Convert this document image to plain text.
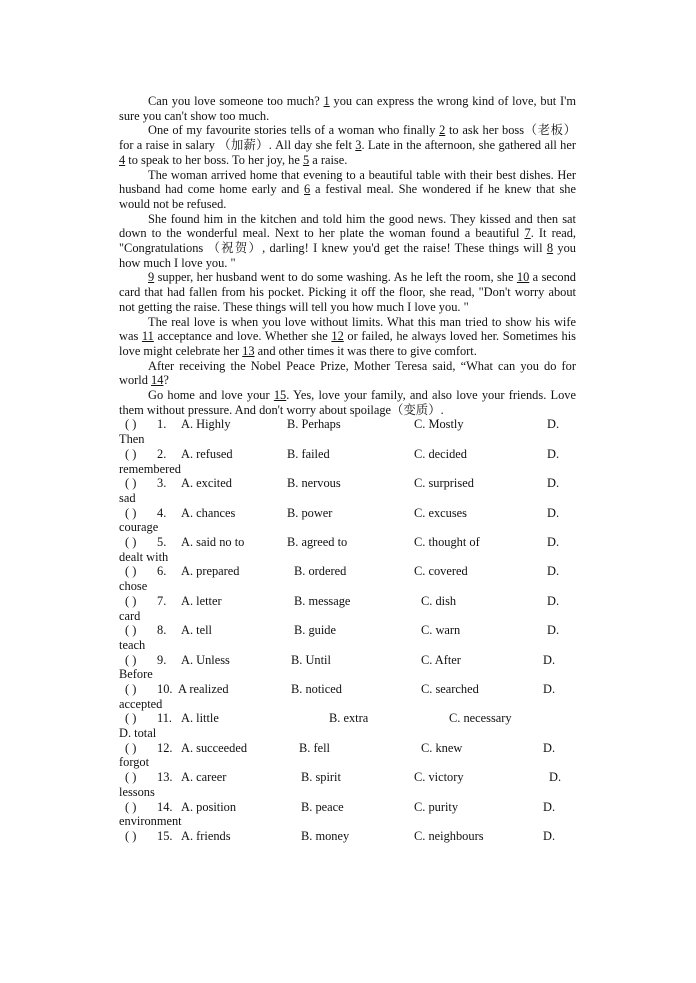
Can you love someone too much? 1 you can express the wrong kind of love, but I'm sure you can't show too much.
One of my favourite stories tells of a woman who finally 2 to ask her boss（老板） for a raise in salary （加薪）. All day she felt 3. Late in the afternoon, she gathered all her 4 to speak to her boss. To her joy, he 5 a raise.
The woman arrived home that evening to a beautiful table with their best dishes. Her husband had come home early and 6 a festival meal. She wondered if he knew that she would not be refused.
She found him in the kitchen and told him the good news. They kissed and then sat down to the wonderful meal. Next to her plate the woman found a beautiful 7. It read, "Congratulations （祝贺）, darling! I knew you'd get the raise! These things will 8 you how much I love you. "
9 supper, her husband went to do some washing. As he left the room, she 10 a second card that had fallen from his pocket. Picking it off the floor, she read, "Don't worry about not getting the raise. These things will tell you how much I love you. "
The real love is when you love without limits. What this man tried to show his wife was 11 acceptance and love. Whether she 12 or failed, he always loved her. Sometimes his love might celebrate her 13 and other times it was there to give comfort.
After receiving the Nobel Peace Prize, Mother Teresa said, “What can you do for world 14?
Go home and love your 15. Yes, love your family, and also love your friends. Love them without pressure. And don't worry about spoilage（变质）.
( ) 1. A. Highly	B. Perhaps	C. Mostly	D.
Then
( ) 2. A. refused	B. failed	C. decided	D.
remembered
( ) 3. A. excited	B. nervous	C. surprised	D.
sad
( ) 4. A. chances	B. power	C. excuses	D.
courage
( ) 5. A. said no to	B. agreed to	C. thought of	D.
dealt with
( ) 6. A. prepared	B. ordered	C. covered	D.
chose
( ) 7. A. letter	B. message	C. dish	D.
card
( ) 8. A. tell	B. guide	C. warn	D.
teach
( ) 9. A. Unless	B. Until	C. After	D.
Before
( ) 10. A realized	B. noticed	C. searched	D.
accepted
( ) 11. A. little	B. extra	C. necessary
D. total
( ) 12. A. succeeded	B. fell	C. knew	D.
forgot
( ) 13. A. career	B. spirit	C. victory	D.
lessons
( ) 14. A. position	B. peace	C. purity	D.
environment
( ) 15. A. friends	B. money	C. neighbours	D.
